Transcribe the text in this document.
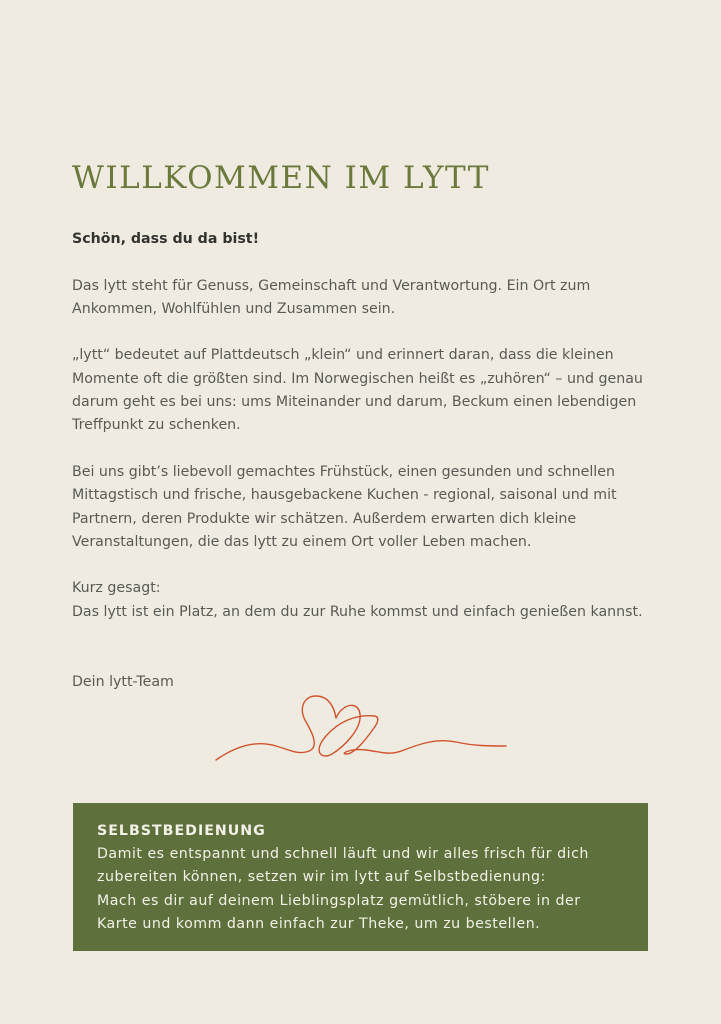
WILLKOMMEN IM LYTT

Schön, dass du da bist!

Das lytt steht für Genuss, Gemeinschaft und Verantwortung. Ein Ort zum
Ankommen, Wohlfühlen und Zusammen sein.

„lytt“ bedeutet auf Plattdeutsch „klein“ und erinnert daran, dass die kleinen
Momente oft die größten sind. Im Norwegischen heißt es „zuhören“ – und genau
darum geht es bei uns: ums Miteinander und darum, Beckum einen lebendigen
Treffpunkt zu schenken.

Bei uns gibt’s liebevoll gemachtes Frühstück, einen gesunden und schnellen
Mittagstisch und frische, hausgebackene Kuchen - regional, saisonal und mit
Partnern, deren Produkte wir schätzen. Außerdem erwarten dich kleine
Veranstaltungen, die das lytt zu einem Ort voller Leben machen.

Kurz gesagt:
Das lytt ist ein Platz, an dem du zur Ruhe kommst und einfach genießen kannst.

Dein lytt-Team

SELBSTBEDIENUNG
Damit es entspannt und schnell läuft und wir alles frisch für dich
zubereiten können, setzen wir im lytt auf Selbstbedienung:
Mach es dir auf deinem Lieblingsplatz gemütlich, stöbere in der
Karte und komm dann einfach zur Theke, um zu bestellen.
